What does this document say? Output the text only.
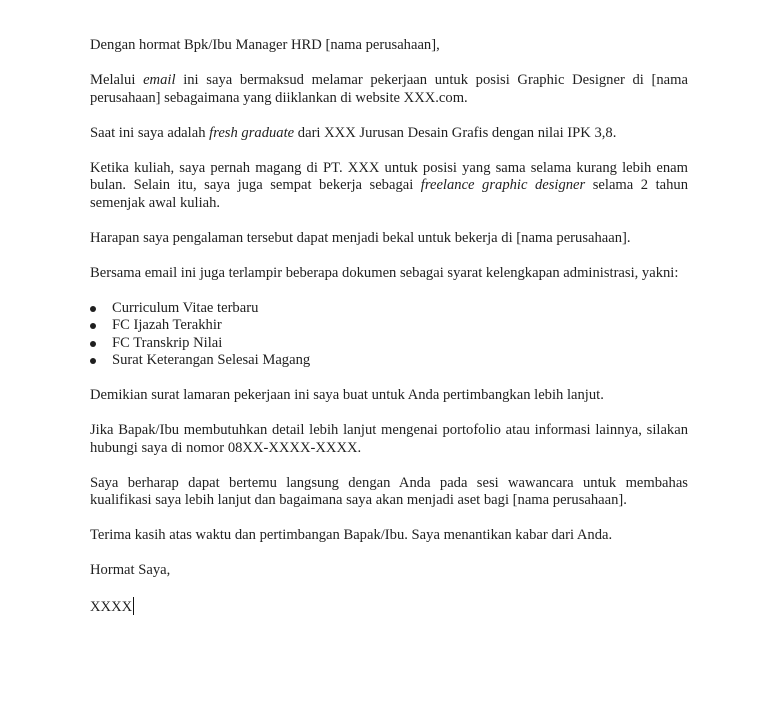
Dengan hormat Bpk/Ibu Manager HRD [nama perusahaan],

Melalui email ini saya bermaksud melamar pekerjaan untuk posisi Graphic Designer di [nama perusahaan] sebagaimana yang diiklankan di website XXX.com.

Saat ini saya adalah fresh graduate dari XXX Jurusan Desain Grafis dengan nilai IPK 3,8.

Ketika kuliah, saya pernah magang di PT. XXX untuk posisi yang sama selama kurang lebih enam bulan. Selain itu, saya juga sempat bekerja sebagai freelance graphic designer selama 2 tahun semenjak awal kuliah.

Harapan saya pengalaman tersebut dapat menjadi bekal untuk bekerja di [nama perusahaan].

Bersama email ini juga terlampir beberapa dokumen sebagai syarat kelengkapan administrasi, yakni:

Curriculum Vitae terbaru
FC Ijazah Terakhir
FC Transkrip Nilai
Surat Keterangan Selesai Magang

Demikian surat lamaran pekerjaan ini saya buat untuk Anda pertimbangkan lebih lanjut.

Jika Bapak/Ibu membutuhkan detail lebih lanjut mengenai portofolio atau informasi lainnya, silakan hubungi saya di nomor 08XX-XXXX-XXXX.

Saya berharap dapat bertemu langsung dengan Anda pada sesi wawancara untuk membahas kualifikasi saya lebih lanjut dan bagaimana saya akan menjadi aset bagi [nama perusahaan].

Terima kasih atas waktu dan pertimbangan Bapak/Ibu. Saya menantikan kabar dari Anda.

Hormat Saya,

XXXX
